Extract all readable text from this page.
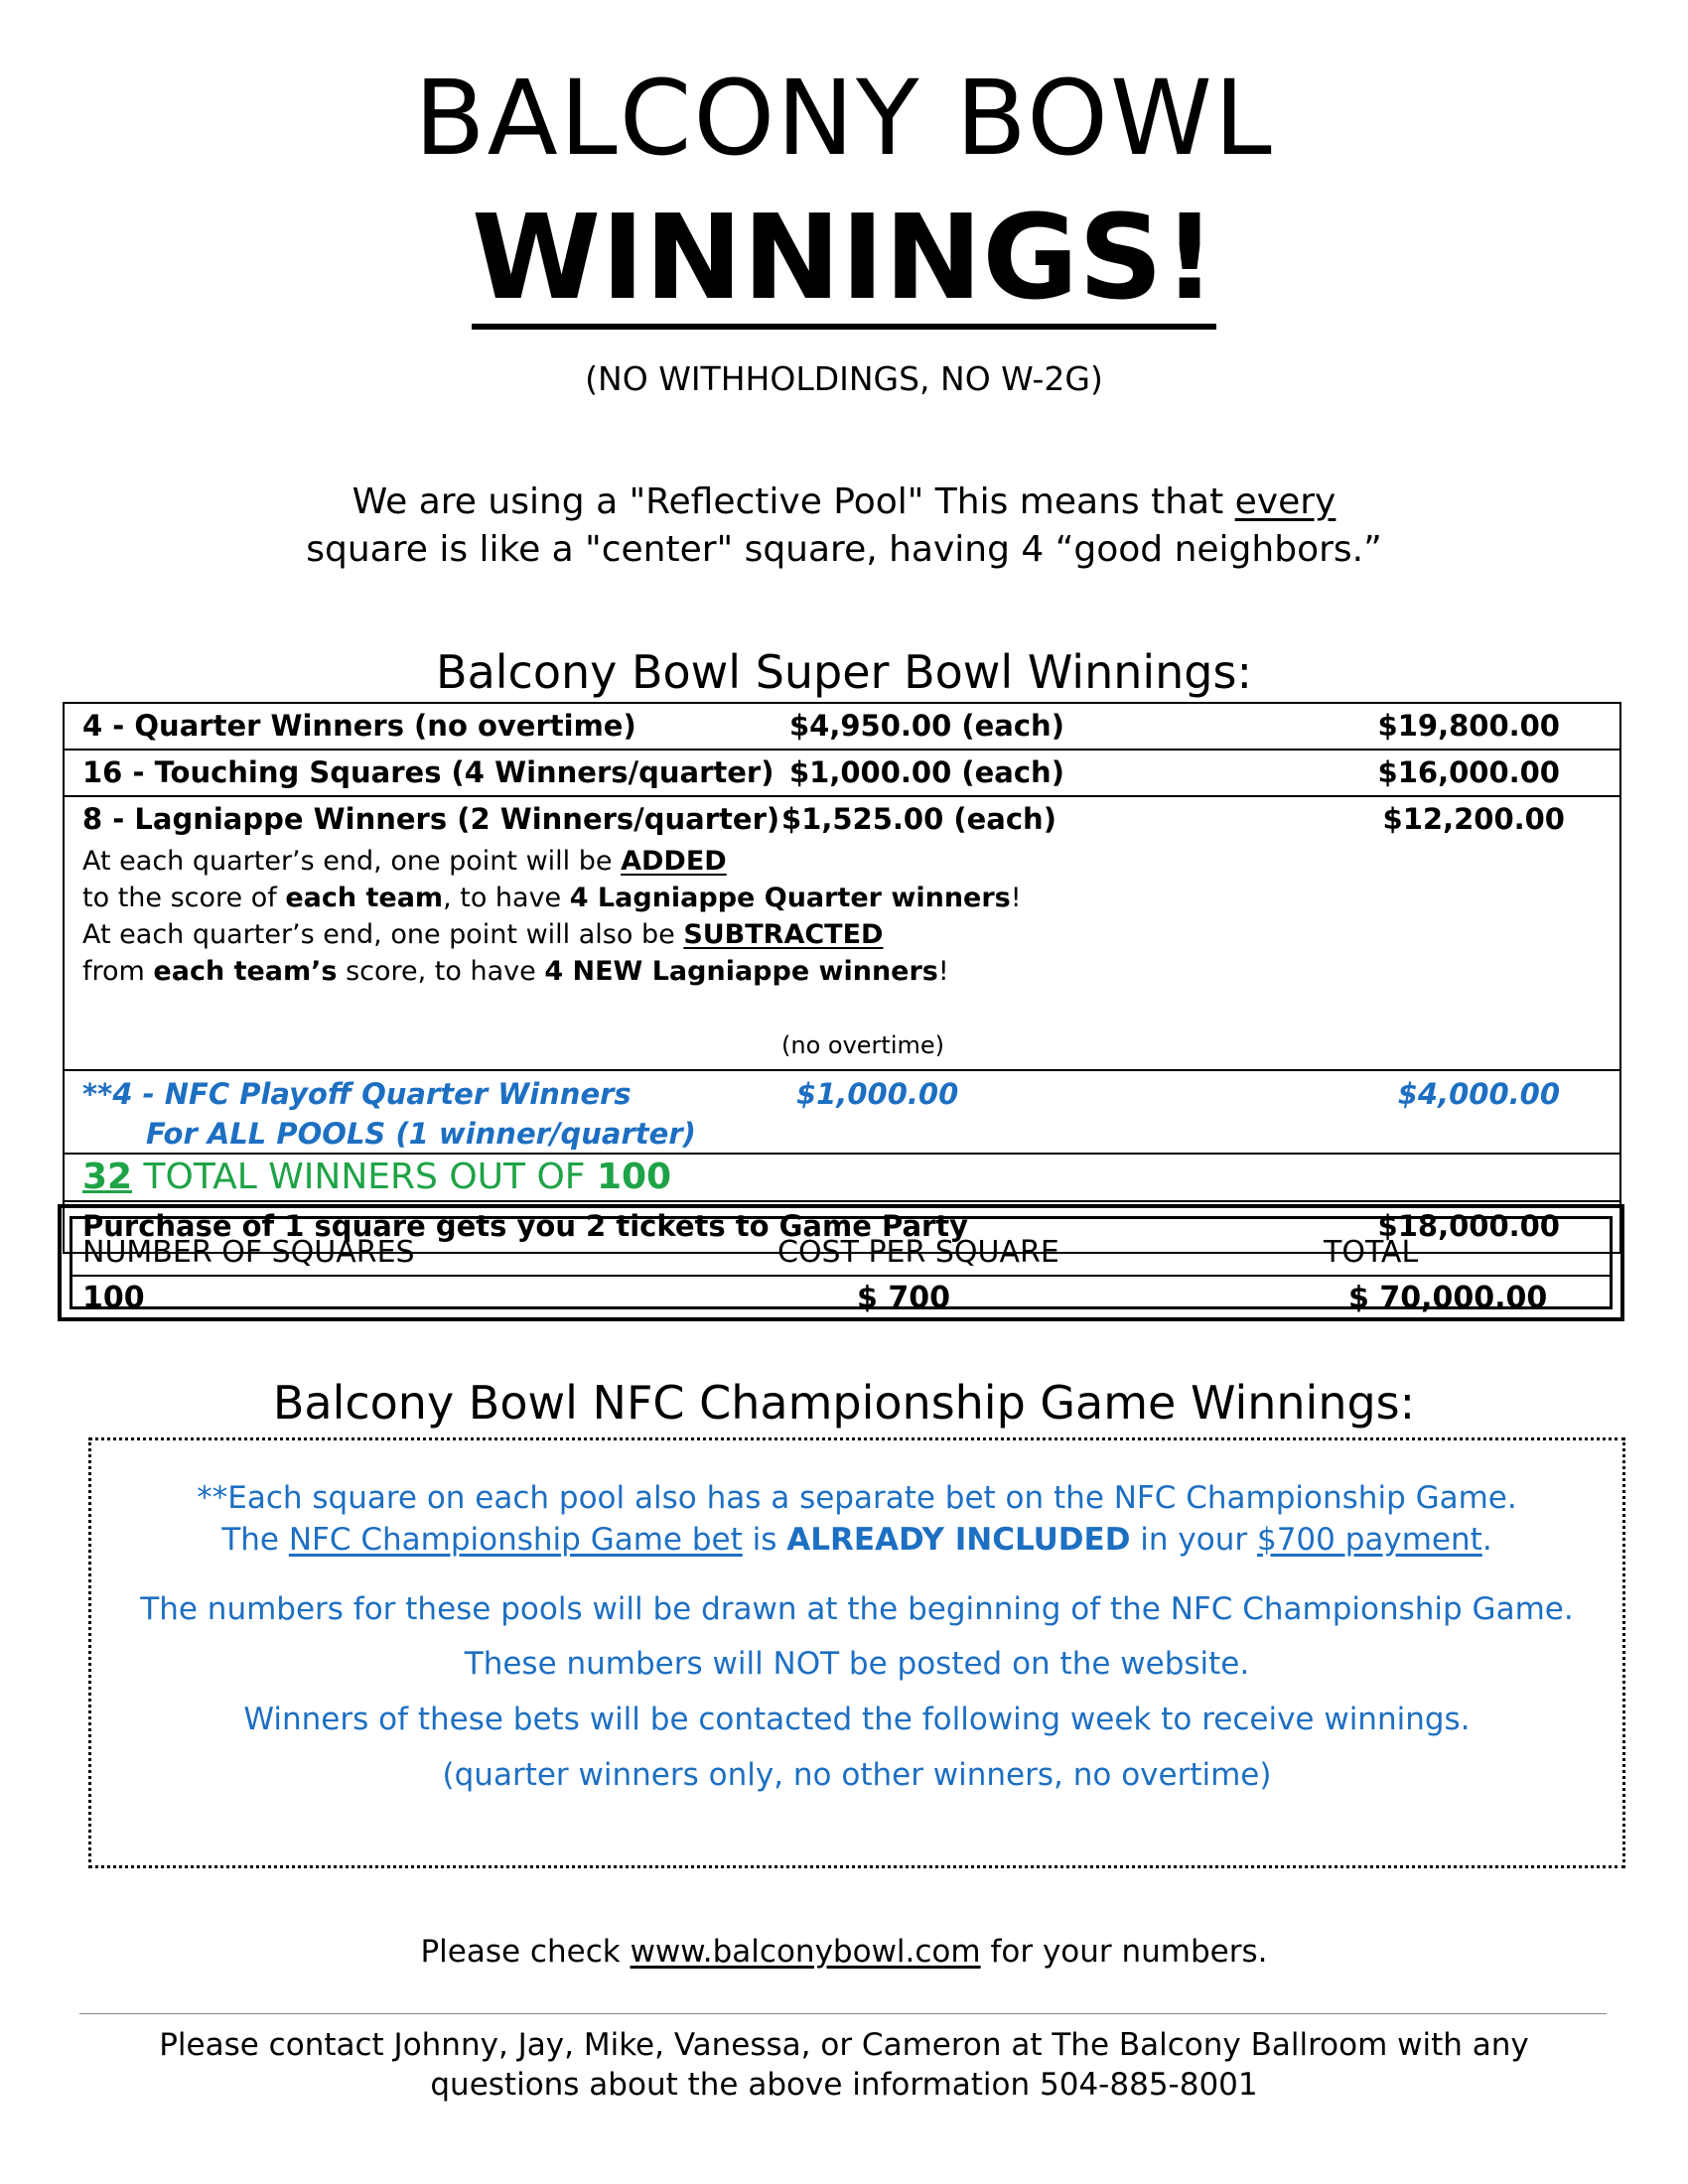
BALCONY BOWL
WINNINGS!
(NO WITHHOLDINGS, NO W-2G)
We are using a "Reflective Pool" This means that every
square is like a "center" square, having 4 “good neighbors.”
Balcony Bowl Super Bowl Winnings:
4 - Quarter Winners (no overtime)	$4,950.00 (each)	$19,800.00
16 - Touching Squares (4 Winners/quarter) $1,000.00 (each)	$16,000.00
8 - Lagniappe Winners (2 Winners/quarter) $1,525.00 (each)	$12,200.00
At each quarter’s end, one point will be ADDED
to the score of each team, to have 4 Lagniappe Quarter winners!
At each quarter’s end, one point will also be SUBTRACTED
from each team’s score, to have 4 NEW Lagniappe winners!
(no overtime)
**4 - NFC Playoff Quarter Winners	$1,000.00	$4,000.00
For ALL POOLS (1 winner/quarter)
32 TOTAL WINNERS OUT OF 100
Purchase of 1 square gets you 2 tickets to Game Party	$18,000.00
NUMBER OF SQUARES	COST PER SQUARE	TOTAL
100	$ 700	$ 70,000.00
Balcony Bowl NFC Championship Game Winnings:
**Each square on each pool also has a separate bet on the NFC Championship Game.
The NFC Championship Game bet is ALREADY INCLUDED in your $700 payment.
The numbers for these pools will be drawn at the beginning of the NFC Championship Game.
These numbers will NOT be posted on the website.
Winners of these bets will be contacted the following week to receive winnings.
(quarter winners only, no other winners, no overtime)
Please check www.balconybowl.com for your numbers.
Please contact Johnny, Jay, Mike, Vanessa, or Cameron at The Balcony Ballroom with any
questions about the above information 504-885-8001
